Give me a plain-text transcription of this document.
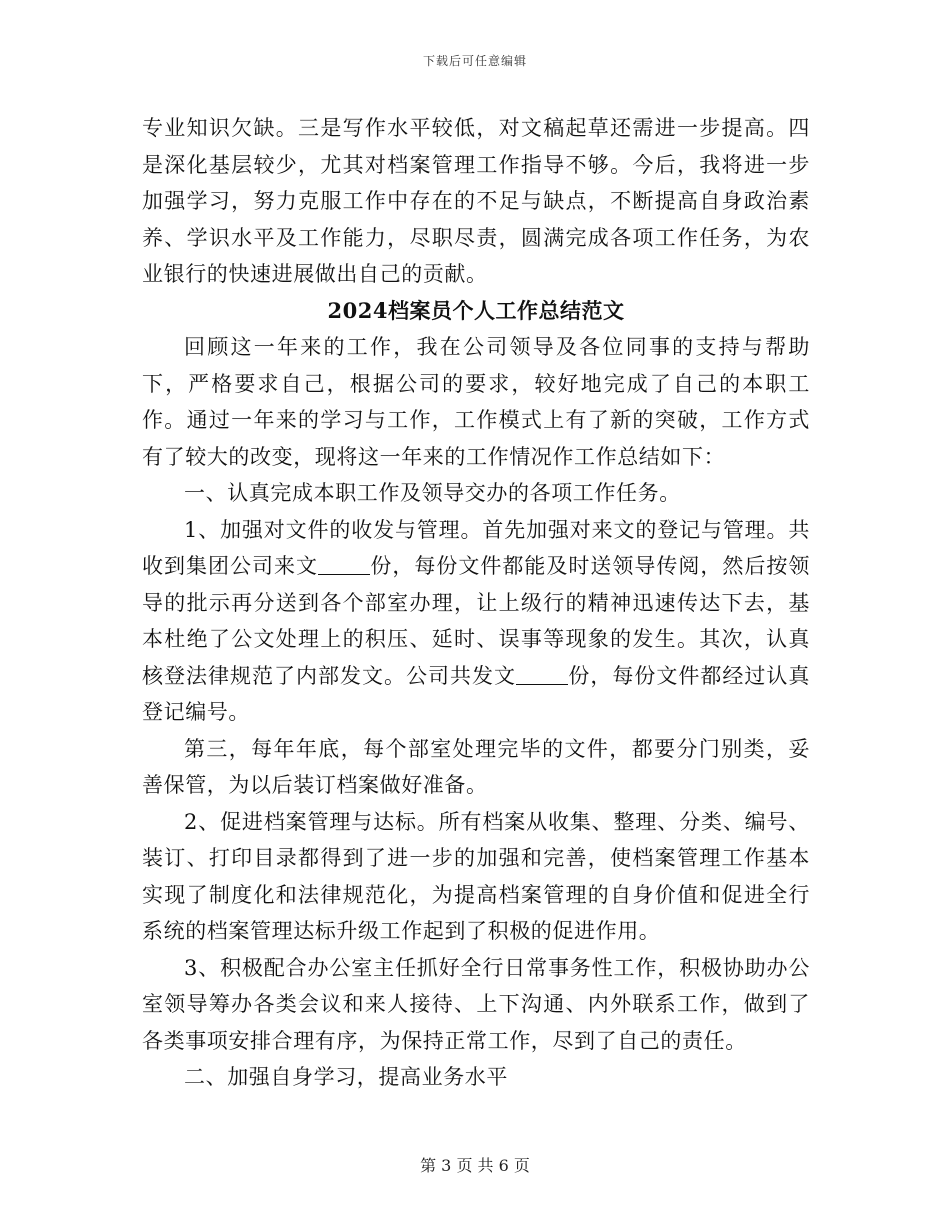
下载后可任意编辑

专业知识欠缺。三是写作水平较低，对文稿起草还需进一步提高。四是深化基层较少，尤其对档案管理工作指导不够。今后，我将进一步加强学习，努力克服工作中存在的不足与缺点，不断提高自身政治素养、学识水平及工作能力，尽职尽责，圆满完成各项工作任务，为农业银行的快速进展做出自己的贡献。

2024档案员个人工作总结范文

回顾这一年来的工作，我在公司领导及各位同事的支持与帮助下，严格要求自己，根据公司的要求，较好地完成了自己的本职工作。通过一年来的学习与工作，工作模式上有了新的突破，工作方式有了较大的改变，现将这一年来的工作情况作工作总结如下：

一、认真完成本职工作及领导交办的各项工作任务。

1、加强对文件的收发与管理。首先加强对来文的登记与管理。共收到集团公司来文 份，每份文件都能及时送领导传阅，然后按领导的批示再分送到各个部室办理，让上级行的精神迅速传达下去，基本杜绝了公文处理上的积压、延时、误事等现象的发生。其次，认真核登法律规范了内部发文。公司共发文 份，每份文件都经过认真登记编号。

第三，每年年底，每个部室处理完毕的文件，都要分门别类，妥善保管，为以后装订档案做好准备。

2、促进档案管理与达标。所有档案从收集、整理、分类、编号、装订、打印目录都得到了进一步的加强和完善，使档案管理工作基本实现了制度化和法律规范化，为提高档案管理的自身价值和促进全行系统的档案管理达标升级工作起到了积极的促进作用。

3、积极配合办公室主任抓好全行日常事务性工作，积极协助办公室领导筹办各类会议和来人接待、上下沟通、内外联系工作，做到了各类事项安排合理有序，为保持正常工作，尽到了自己的责任。

二、加强自身学习，提高业务水平

第 3 页 共 6 页
